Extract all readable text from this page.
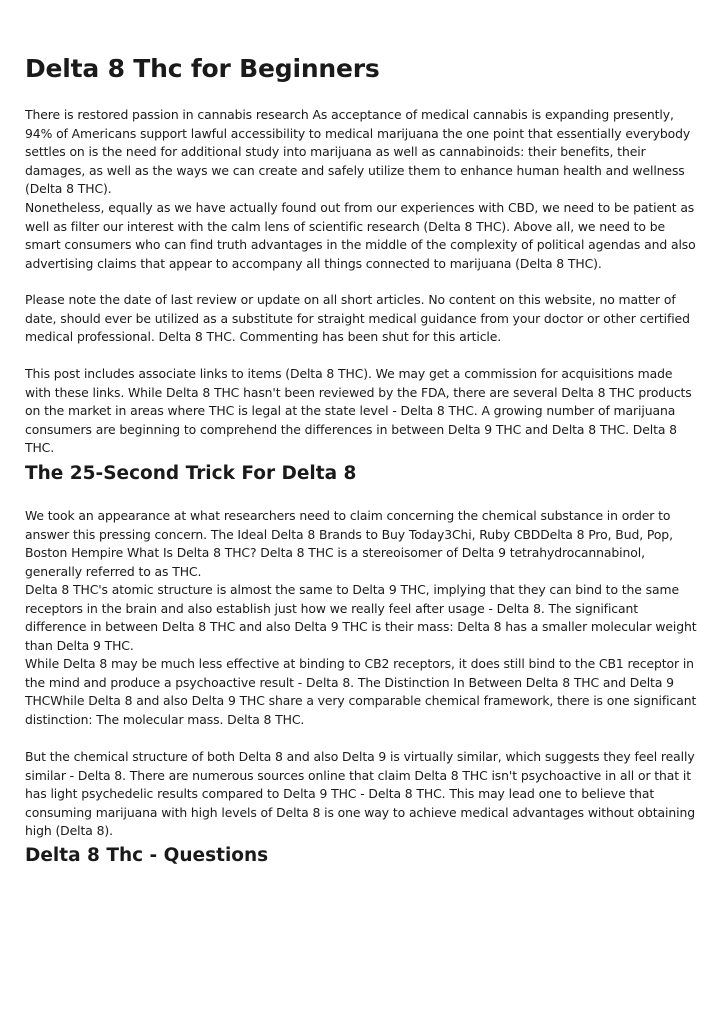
Delta 8 Thc for Beginners

There is restored passion in cannabis research As acceptance of medical cannabis is expanding presently, 94% of Americans support lawful accessibility to medical marijuana the one point that essentially everybody settles on is the need for additional study into marijuana as well as cannabinoids: their benefits, their damages, as well as the ways we can create and safely utilize them to enhance human health and wellness (Delta 8 THC).

Nonetheless, equally as we have actually found out from our experiences with CBD, we need to be patient as well as filter our interest with the calm lens of scientific research (Delta 8 THC). Above all, we need to be smart consumers who can find truth advantages in the middle of the complexity of political agendas and also advertising claims that appear to accompany all things connected to marijuana (Delta 8 THC).

Please note the date of last review or update on all short articles. No content on this website, no matter of date, should ever be utilized as a substitute for straight medical guidance from your doctor or other certified medical professional. Delta 8 THC. Commenting has been shut for this article.

This post includes associate links to items (Delta 8 THC). We may get a commission for acquisitions made with these links. While Delta 8 THC hasn't been reviewed by the FDA, there are several Delta 8 THC products on the market in areas where THC is legal at the state level - Delta 8 THC. A growing number of marijuana consumers are beginning to comprehend the differences in between Delta 9 THC and Delta 8 THC. Delta 8 THC.

The 25-Second Trick For Delta 8

We took an appearance at what researchers need to claim concerning the chemical substance in order to answer this pressing concern. The Ideal Delta 8 Brands to Buy Today3Chi, Ruby CBDDelta 8 Pro, Bud, Pop, Boston Hempire What Is Delta 8 THC? Delta 8 THC is a stereoisomer of Delta 9 tetrahydrocannabinol, generally referred to as THC.

Delta 8 THC's atomic structure is almost the same to Delta 9 THC, implying that they can bind to the same receptors in the brain and also establish just how we really feel after usage - Delta 8. The significant difference in between Delta 8 THC and also Delta 9 THC is their mass: Delta 8 has a smaller molecular weight than Delta 9 THC.

While Delta 8 may be much less effective at binding to CB2 receptors, it does still bind to the CB1 receptor in the mind and produce a psychoactive result - Delta 8. The Distinction In Between Delta 8 THC and Delta 9 THCWhile Delta 8 and also Delta 9 THC share a very comparable chemical framework, there is one significant distinction: The molecular mass. Delta 8 THC.

But the chemical structure of both Delta 8 and also Delta 9 is virtually similar, which suggests they feel really similar - Delta 8. There are numerous sources online that claim Delta 8 THC isn't psychoactive in all or that it has light psychedelic results compared to Delta 9 THC - Delta 8 THC. This may lead one to believe that consuming marijuana with high levels of Delta 8 is one way to achieve medical advantages without obtaining high (Delta 8).

Delta 8 Thc - Questions
